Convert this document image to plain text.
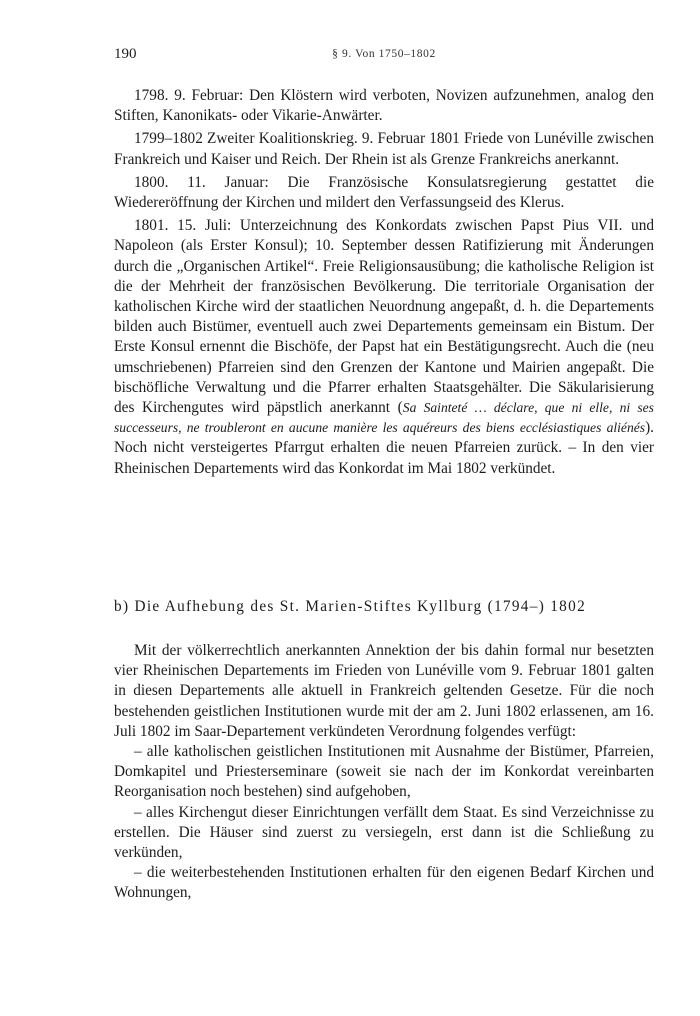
190	§ 9. Von 1750–1802

1798. 9. Februar: Den Klöstern wird verboten, Novizen aufzunehmen, analog den Stiften, Kanonikats- oder Vikarie-Anwärter.

1799–1802 Zweiter Koalitionskrieg. 9. Februar 1801 Friede von Lunéville zwischen Frankreich und Kaiser und Reich. Der Rhein ist als Grenze Frankreichs anerkannt.

1800. 11. Januar: Die Französische Konsulatsregierung gestattet die Wiedereröffnung der Kirchen und mildert den Verfassungseid des Klerus.

1801. 15. Juli: Unterzeichnung des Konkordats zwischen Papst Pius VII. und Napoleon (als Erster Konsul); 10. September dessen Ratifizierung mit Änderungen durch die „Organischen Artikel“. Freie Religionsausübung; die katholische Religion ist die der Mehrheit der französischen Bevölkerung. Die territoriale Organisation der katholischen Kirche wird der staatlichen Neuordnung angepaßt, d. h. die Departements bilden auch Bistümer, eventuell auch zwei Departements gemeinsam ein Bistum. Der Erste Konsul ernennt die Bischöfe, der Papst hat ein Bestätigungsrecht. Auch die (neu umschriebenen) Pfarreien sind den Grenzen der Kantone und Mairien angepaßt. Die bischöfliche Verwaltung und die Pfarrer erhalten Staatsgehälter. Die Säkularisierung des Kirchengutes wird päpstlich anerkannt (Sa Sainteté … déclare, que ni elle, ni ses successeurs, ne troubleront en aucune manière les aquéreurs des biens ecclésiastiques aliénés). Noch nicht versteigertes Pfarrgut erhalten die neuen Pfarreien zurück. – In den vier Rheinischen Departements wird das Konkordat im Mai 1802 verkündet.

b) Die Aufhebung des St. Marien-Stiftes Kyllburg (1794–) 1802

Mit der völkerrechtlich anerkannten Annektion der bis dahin formal nur besetzten vier Rheinischen Departements im Frieden von Lunéville vom 9. Februar 1801 galten in diesen Departements alle aktuell in Frankreich geltenden Gesetze. Für die noch bestehenden geistlichen Institutionen wurde mit der am 2. Juni 1802 erlassenen, am 16. Juli 1802 im Saar-Departement verkündeten Verordnung folgendes verfügt:

– alle katholischen geistlichen Institutionen mit Ausnahme der Bistümer, Pfarreien, Domkapitel und Priesterseminare (soweit sie nach der im Konkordat vereinbarten Reorganisation noch bestehen) sind aufgehoben,

– alles Kirchengut dieser Einrichtungen verfällt dem Staat. Es sind Verzeichnisse zu erstellen. Die Häuser sind zuerst zu versiegeln, erst dann ist die Schließung zu verkünden,

– die weiterbestehenden Institutionen erhalten für den eigenen Bedarf Kirchen und Wohnungen,
